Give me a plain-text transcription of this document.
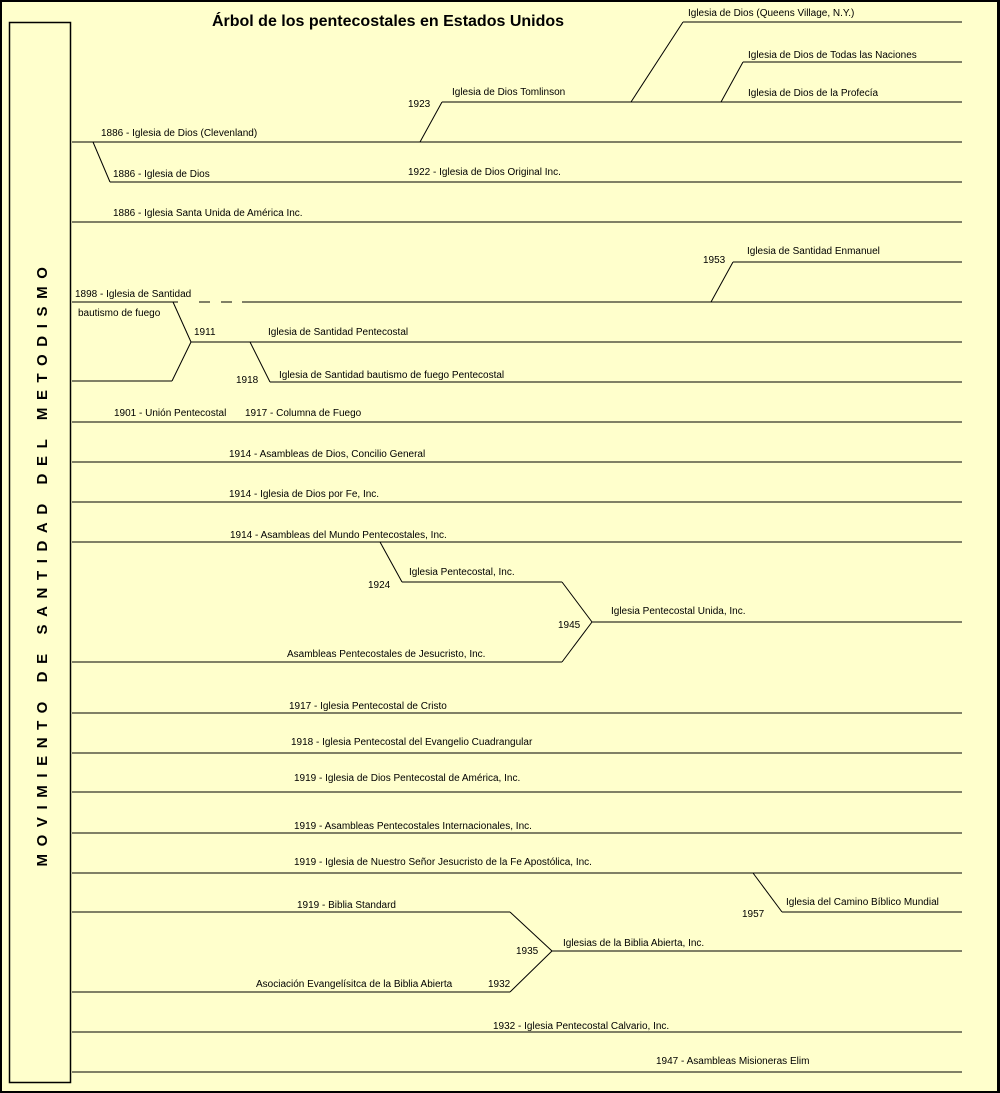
MOVIMIENTO DE SANTIDAD DEL METODISMO
Árbol de los pentecostales en Estados Unidos	Iglesia de Dios (Queens Village, N.Y.)
Iglesia de Dios de Todas las Naciones
1923
Iglesia de Dios Tomlinson	Iglesia de Dios de la Profecía
1886 - Iglesia de Dios (Clevenland)
1886 - Iglesia de Dios	1922 - Iglesia de Dios Original Inc.
1886 - Iglesia Santa Unida de América Inc.
Iglesia de Santidad Enmanuel
1953
1898 - Iglesia de Santidad
bautismo de fuego
1911	Iglesia de Santidad Pentecostal
1918 Iglesia de Santidad bautismo de fuego Pentecostal
1901 - Unión Pentecostal 1917 - Columna de Fuego
1914 - Asambleas de Dios, Concilio General
1914 - Iglesia de Dios por Fe, Inc.
1914 - Asambleas del Mundo Pentecostales, Inc.
1924
Iglesia Pentecostal, Inc.
1945
Iglesia Pentecostal Unida, Inc.
Asambleas Pentecostales de Jesucristo, Inc.
1917 - Iglesia Pentecostal de Cristo
1918 - Iglesia Pentecostal del Evangelio Cuadrangular
1919 - Iglesia de Dios Pentecostal de América, Inc.
1919 - Asambleas Pentecostales Internacionales, Inc.
1919 - Iglesia de Nuestro Señor Jesucristo de la Fe Apostólica, Inc.
Iglesia del Camino Bíblico Mundial
1957
1919 - Biblia Standard
1935
Iglesias de la Biblia Abierta, Inc.
Asociación Evangelísitca de la Biblia Abierta	1932
1932 - Iglesia Pentecostal Calvario, Inc.
1947 - Asambleas Misioneras Elim
